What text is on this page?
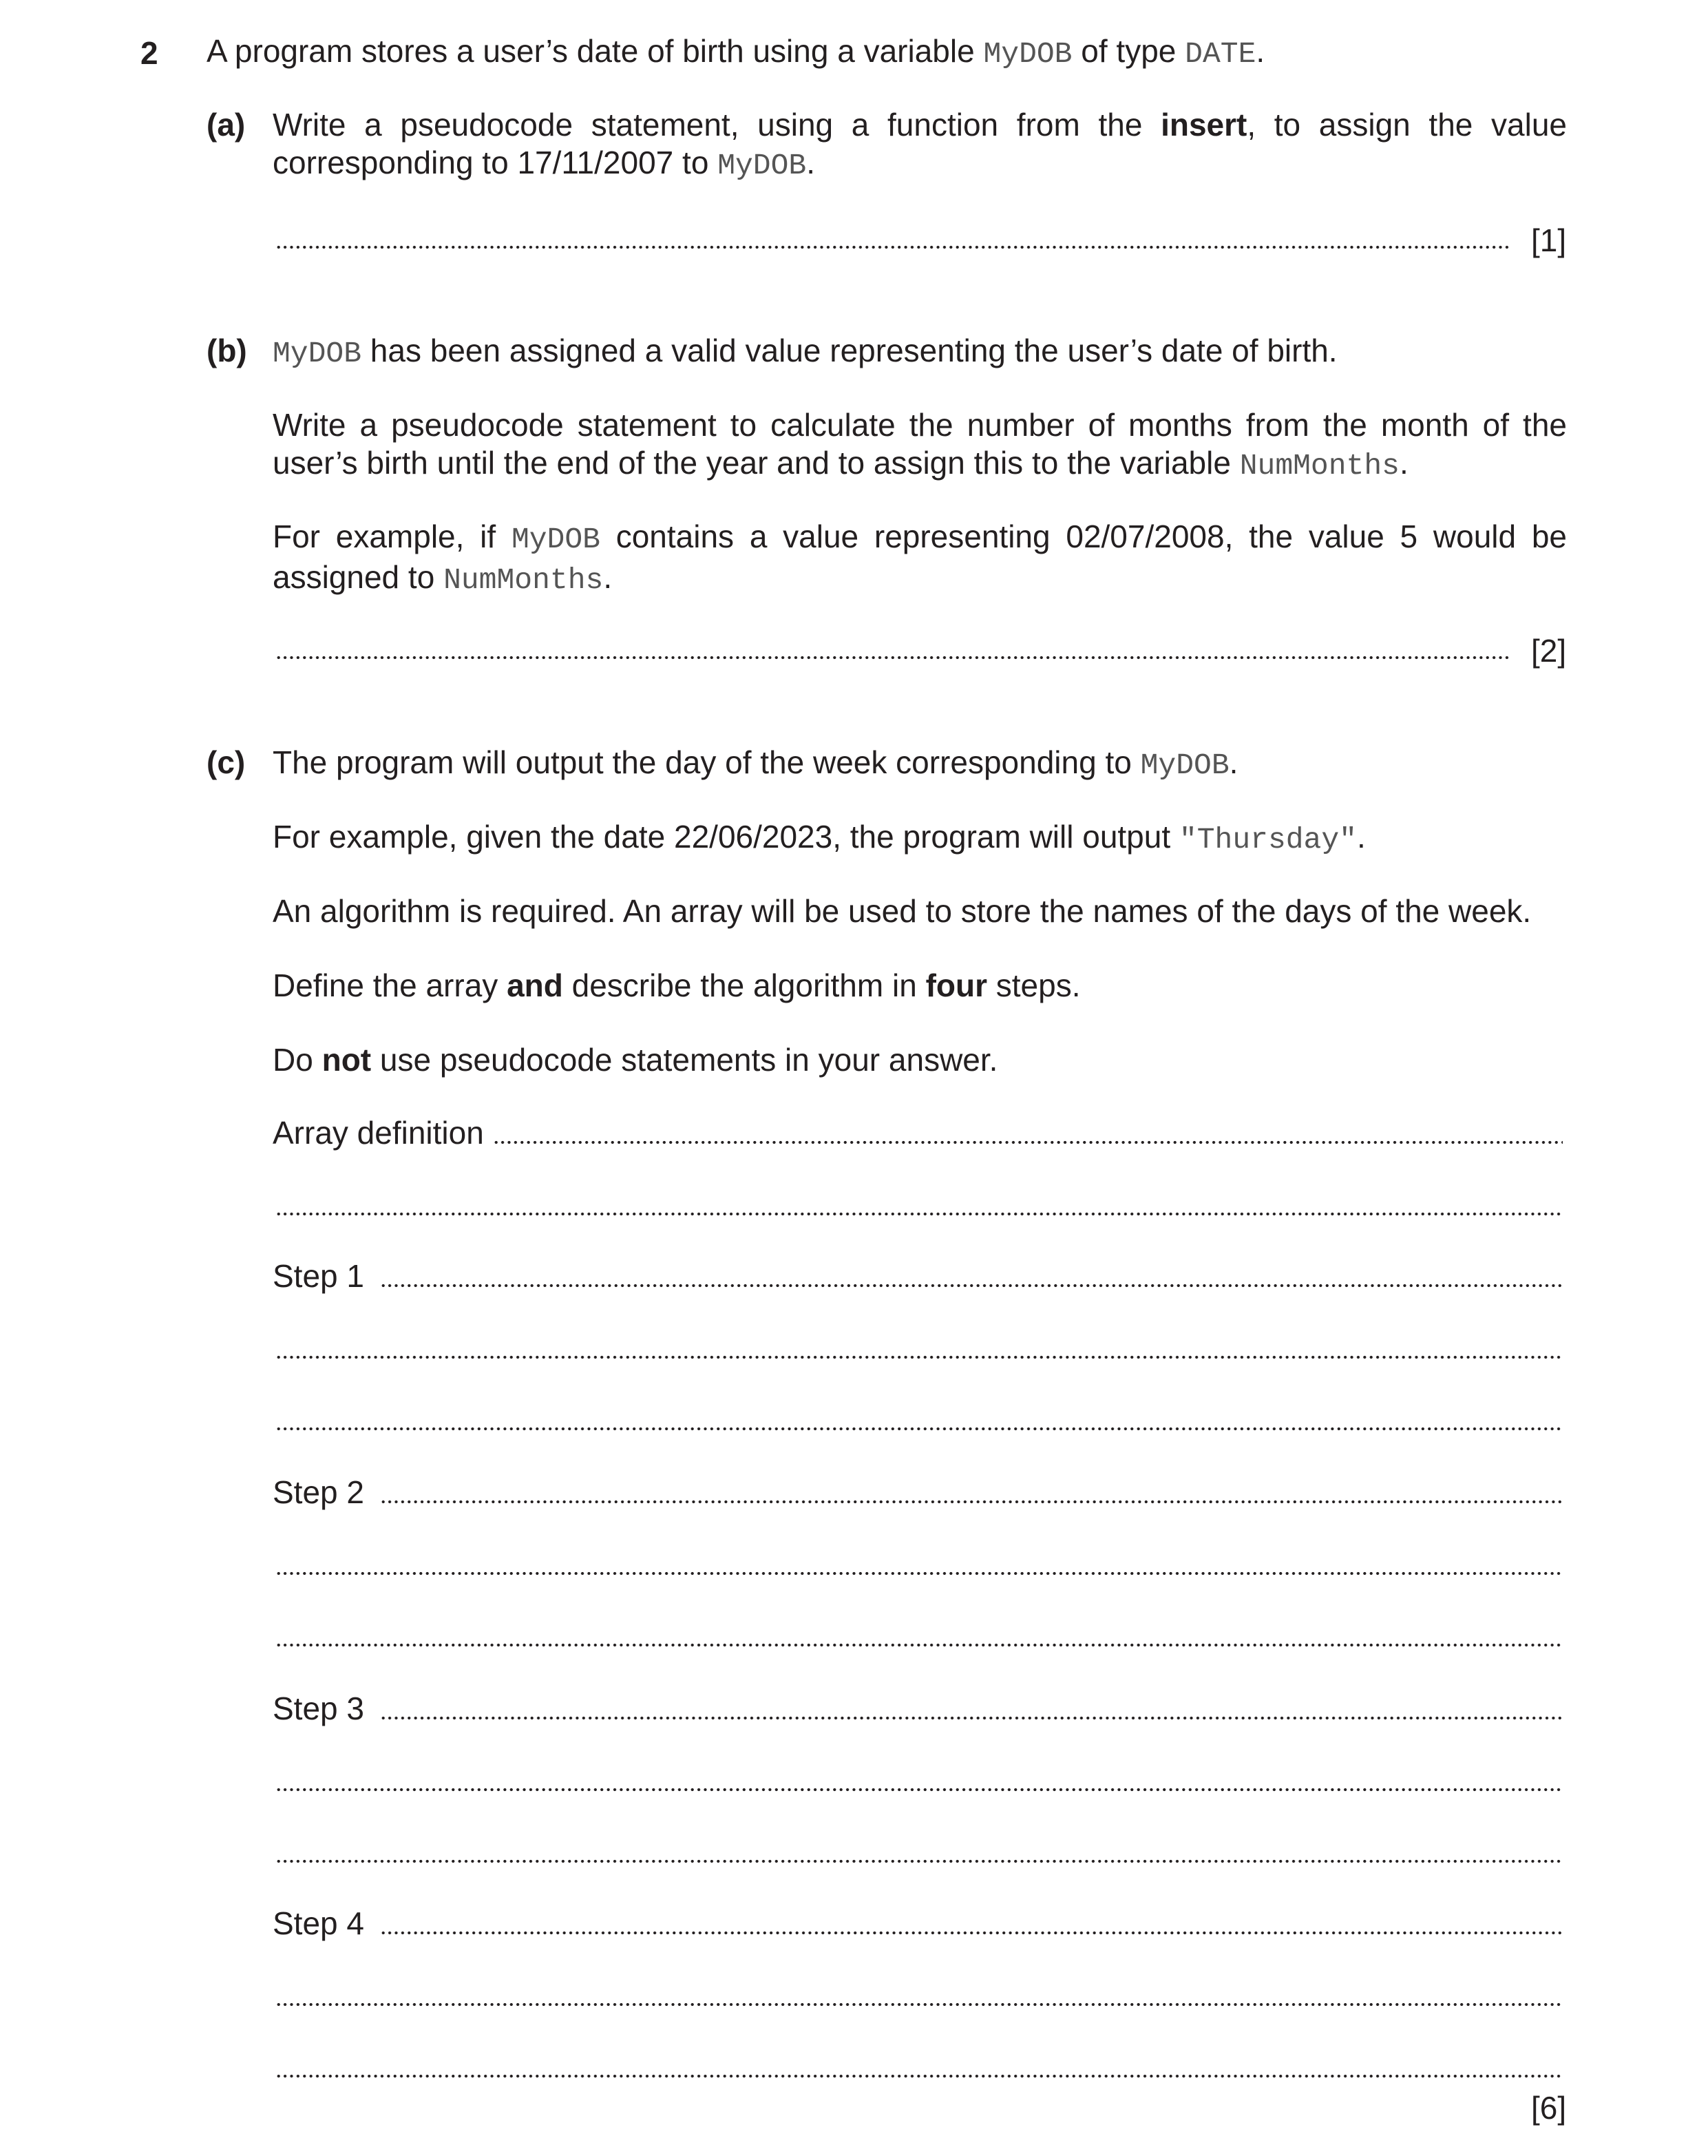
2 A program stores a user’s date of birth using a variable MyDOB of type DATE.
(a) Write a pseudocode statement, using a function from the insert, to assign the value
corresponding to 17/11/2007 to MyDOB.
[1]
(b) MyDOB has been assigned a valid value representing the user’s date of birth.
Write a pseudocode statement to calculate the number of months from the month of the user’s birth until the end of the year and to assign this to the variable NumMonths.
For example, if MyDOB contains a value representing 02/07/2008, the value 5 would be assigned to NumMonths.
[2]
(c) The program will output the day of the week corresponding to MyDOB.
For example, given the date 22/06/2023, the program will output "Thursday".
An algorithm is required. An array will be used to store the names of the days of the week.
Define the array and describe the algorithm in four steps.
Do not use pseudocode statements in your answer.
Array definition
Step 1
Step 2
Step 3
Step 4
[6]
